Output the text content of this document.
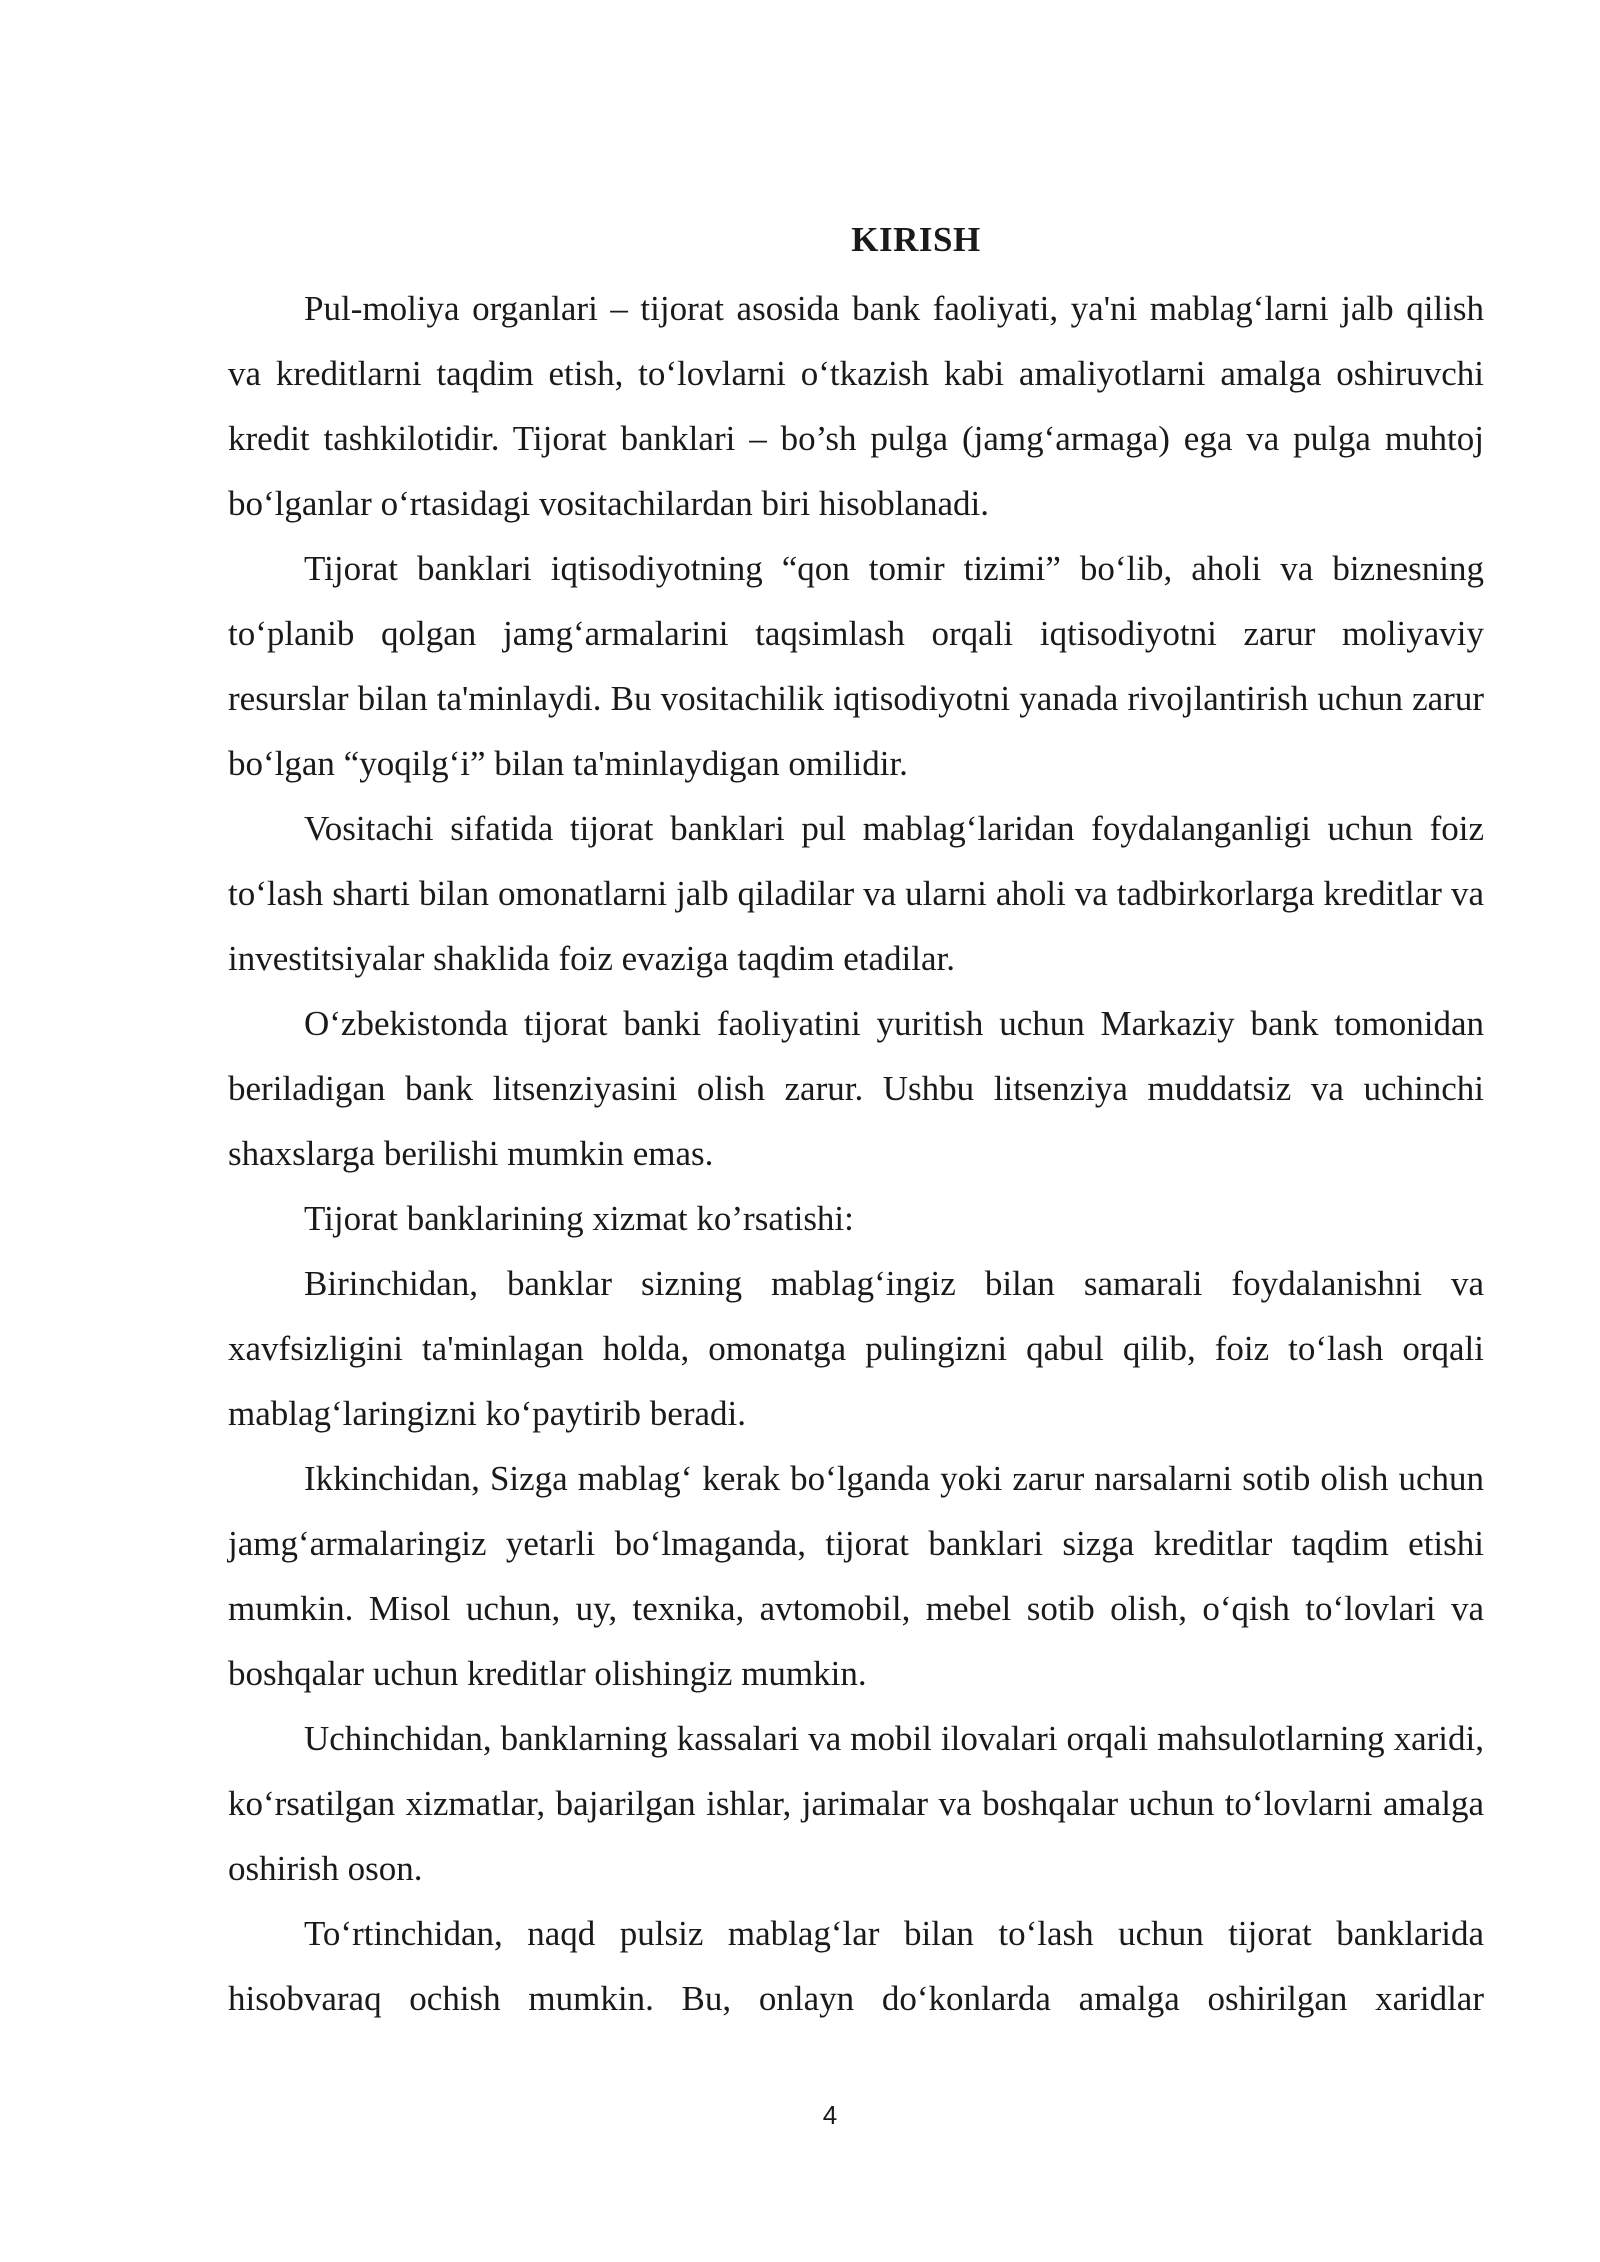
KIRISH

Pul-moliya organlari – tijorat asosida bank faoliyati, ya'ni mablag‘larni jalb qilish va kreditlarni taqdim etish, to‘lovlarni o‘tkazish kabi amaliyotlarni amalga oshiruvchi kredit tashkilotidir. Tijorat banklari – bo’sh pulga (jamg‘armaga) ega va pulga muhtoj bo‘lganlar o‘rtasidagi vositachilardan biri hisoblanadi.

Tijorat banklari iqtisodiyotning “qon tomir tizimi” bo‘lib, aholi va biznesning to‘planib qolgan jamg‘armalarini taqsimlash orqali iqtisodiyotni zarur moliyaviy resurslar bilan ta'minlaydi. Bu vositachilik iqtisodiyotni yanada rivojlantirish uchun zarur bo‘lgan “yoqilg‘i” bilan ta'minlaydigan omilidir.

Vositachi sifatida tijorat banklari pul mablag‘laridan foydalanganligi uchun foiz to‘lash sharti bilan omonatlarni jalb qiladilar va ularni aholi va tadbirkorlarga kreditlar va investitsiyalar shaklida foiz evaziga taqdim etadilar.

O‘zbekistonda tijorat banki faoliyatini yuritish uchun Markaziy bank tomonidan beriladigan bank litsenziyasini olish zarur. Ushbu litsenziya muddatsiz va uchinchi shaxslarga berilishi mumkin emas.

Tijorat banklarining xizmat ko’rsatishi:

Birinchidan, banklar sizning mablag‘ingiz bilan samarali foydalanishni va xavfsizligini ta'minlagan holda, omonatga pulingizni qabul qilib, foiz to‘lash orqali mablag‘laringizni ko‘paytirib beradi.

Ikkinchidan, Sizga mablag‘ kerak bo‘lganda yoki zarur narsalarni sotib olish uchun jamg‘armalaringiz yetarli bo‘lmaganda, tijorat banklari sizga kreditlar taqdim etishi mumkin. Misol uchun, uy, texnika, avtomobil, mebel sotib olish, o‘qish to‘lovlari va boshqalar uchun kreditlar olishingiz mumkin.

Uchinchidan, banklarning kassalari va mobil ilovalari orqali mahsulotlarning xaridi, ko‘rsatilgan xizmatlar, bajarilgan ishlar, jarimalar va boshqalar uchun to‘lovlarni amalga oshirish oson.

To‘rtinchidan, naqd pulsiz mablag‘lar bilan to‘lash uchun tijorat banklarida hisobvaraq ochish mumkin. Bu, onlayn do‘konlarda amalga oshirilgan xaridlar

4
